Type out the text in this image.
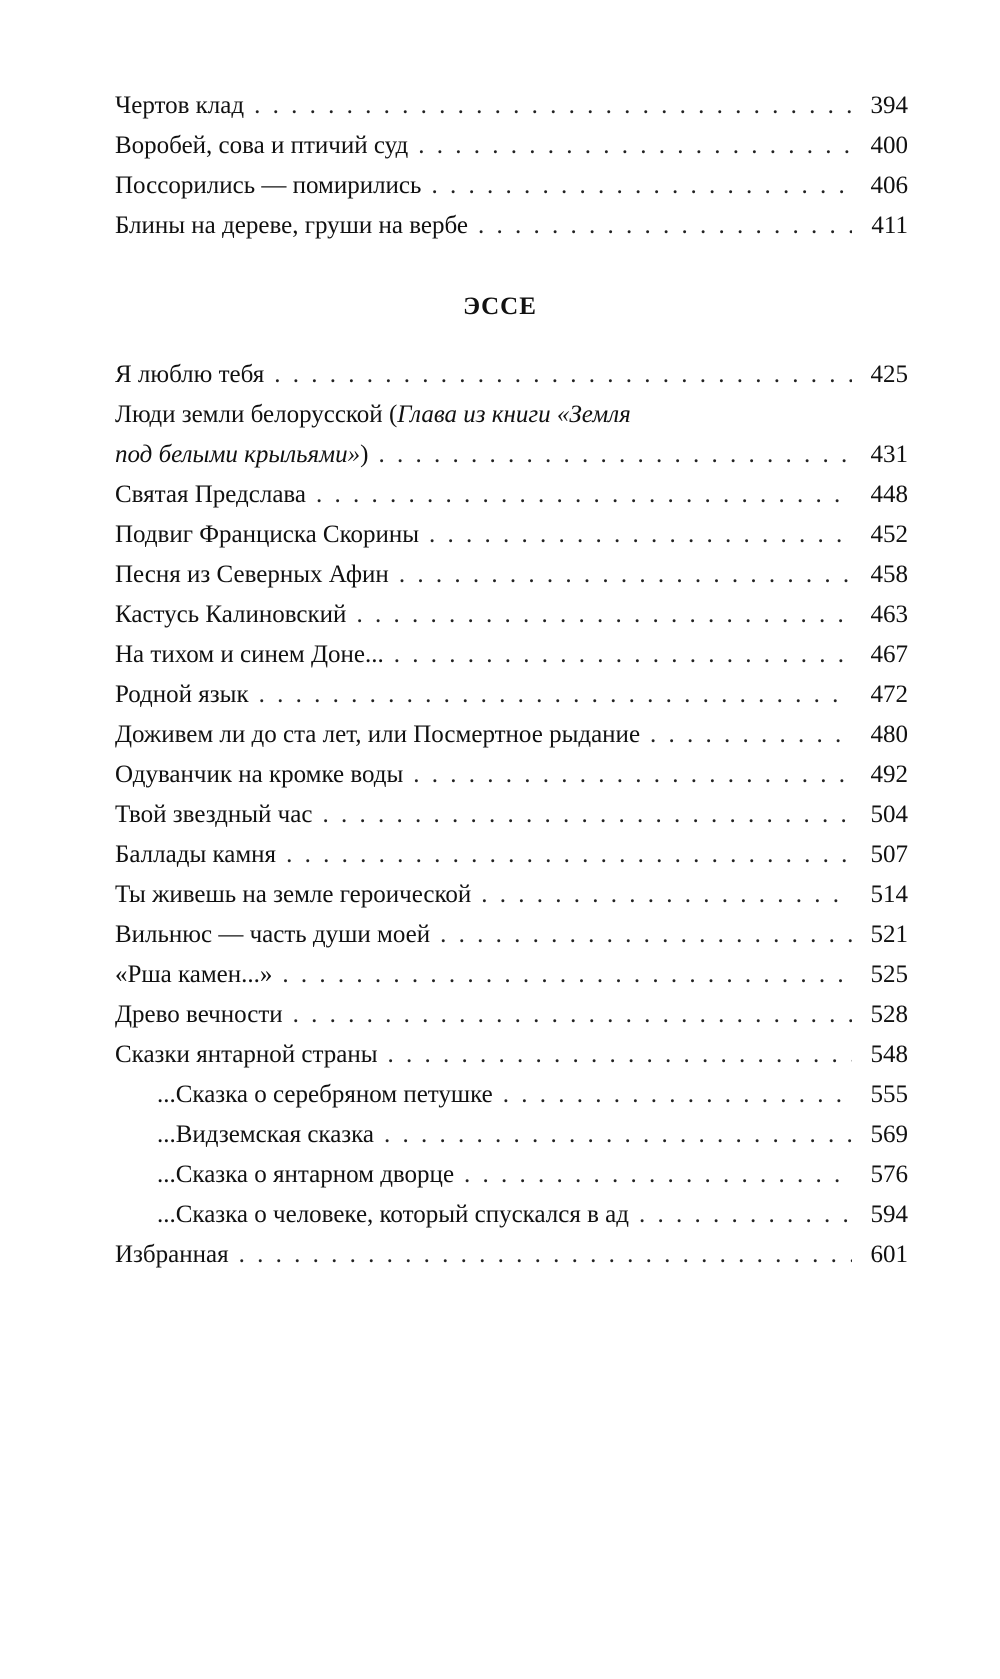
Чертов клад . . .	394
Воробей, сова и птичий суд . . .	400
Поссорились — помирились . . .	406
Блины на дереве, груши на вербе . . .	411
ЭССЕ
Я люблю тебя . . .	425
Люди земли белорусской (Глава из книги «Земля
под белыми крыльями») . . .	431
Святая Предслава . . .	448
Подвиг Франциска Скорины . . .	452
Песня из Северных Афин . . .	458
Кастусь Калиновский . . .	463
На тихом и синем Доне... . . .	467
Родной язык . . .	472
Доживем ли до ста лет, или Посмертное рыдание . . .	480
Одуванчик на кромке воды . . .	492
Твой звездный час . . .	504
Баллады камня . . .	507
Ты живешь на земле героической . . .	514
Вильнюс — часть души моей . . .	521
«Рша камен...» . . .	525
Древо вечности . . .	528
Сказки янтарной страны . . .	548
...Сказка о серебряном петушке . . .	555
...Видземская сказка . . .	569
...Сказка о янтарном дворце . . .	576
...Сказка о человеке, который спускался в ад . . .	594
Избранная . . .	601
